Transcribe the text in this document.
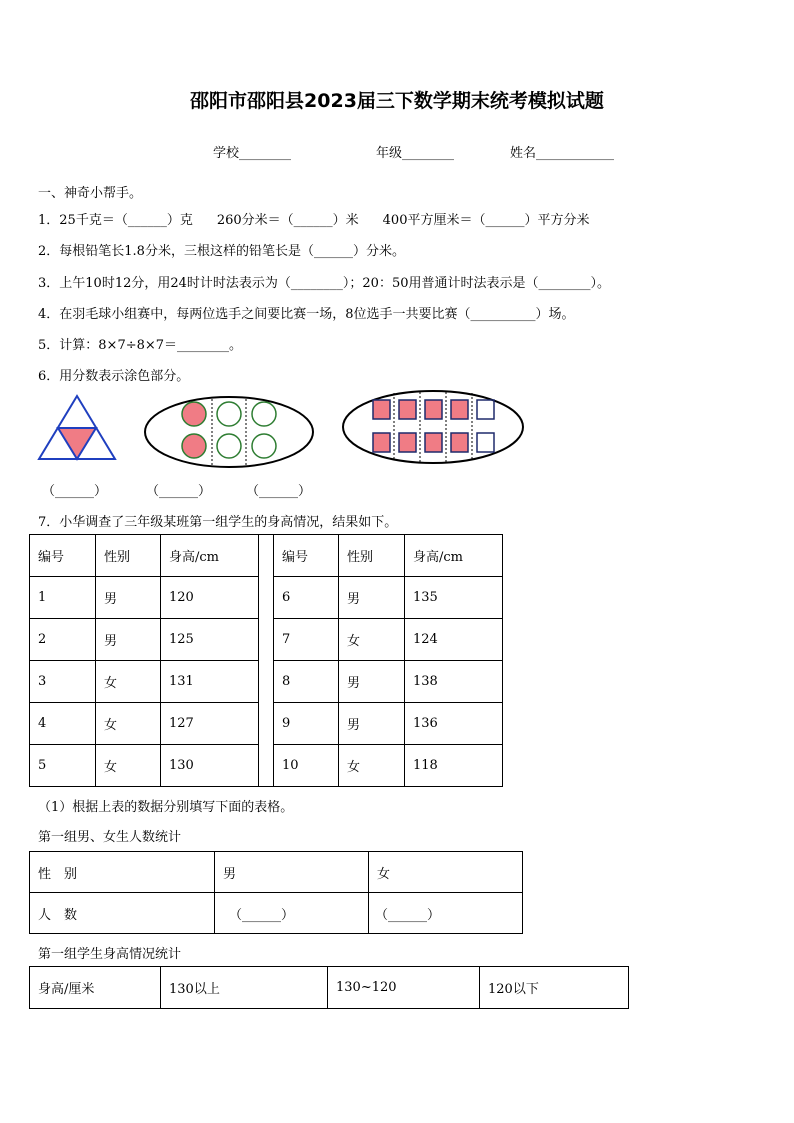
邵阳市邵阳县2023届三下数学期末统考模拟试题
学校________	年级________	姓名____________
一、神奇小帮手。
1．25千克＝（______）克 260分米＝（______）米 400平方厘米＝（______）平方分米
2．每根铅笔长1.8分米，三根这样的铅笔长是（______）分米。
3．上午10时12分，用24时计时法表示为（________）；20：50用普通计时法表示是（________）。
4．在羽毛球小组赛中，每两位选手之间要比赛一场，8位选手一共要比赛（__________）场。
5．计算：8×7÷8×7＝________。
6．用分数表示涂色部分。
（______）	（______）	（______）
7．小华调查了三年级某班第一组学生的身高情况，结果如下。
编号	性别	身高/cm		编号	性别	身高/cm
1	男	120		6	男	135
2	男	125		7	女	124
3	女	131		8	男	138
4	女	127		9	男	136
5	女	130		10	女	118
（1）根据上表的数据分别填写下面的表格。
第一组男、女生人数统计
性　别	男	女
人　数	（______）	（______）
第一组学生身高情况统计
身高/厘米	130以上	130~120	120以下
